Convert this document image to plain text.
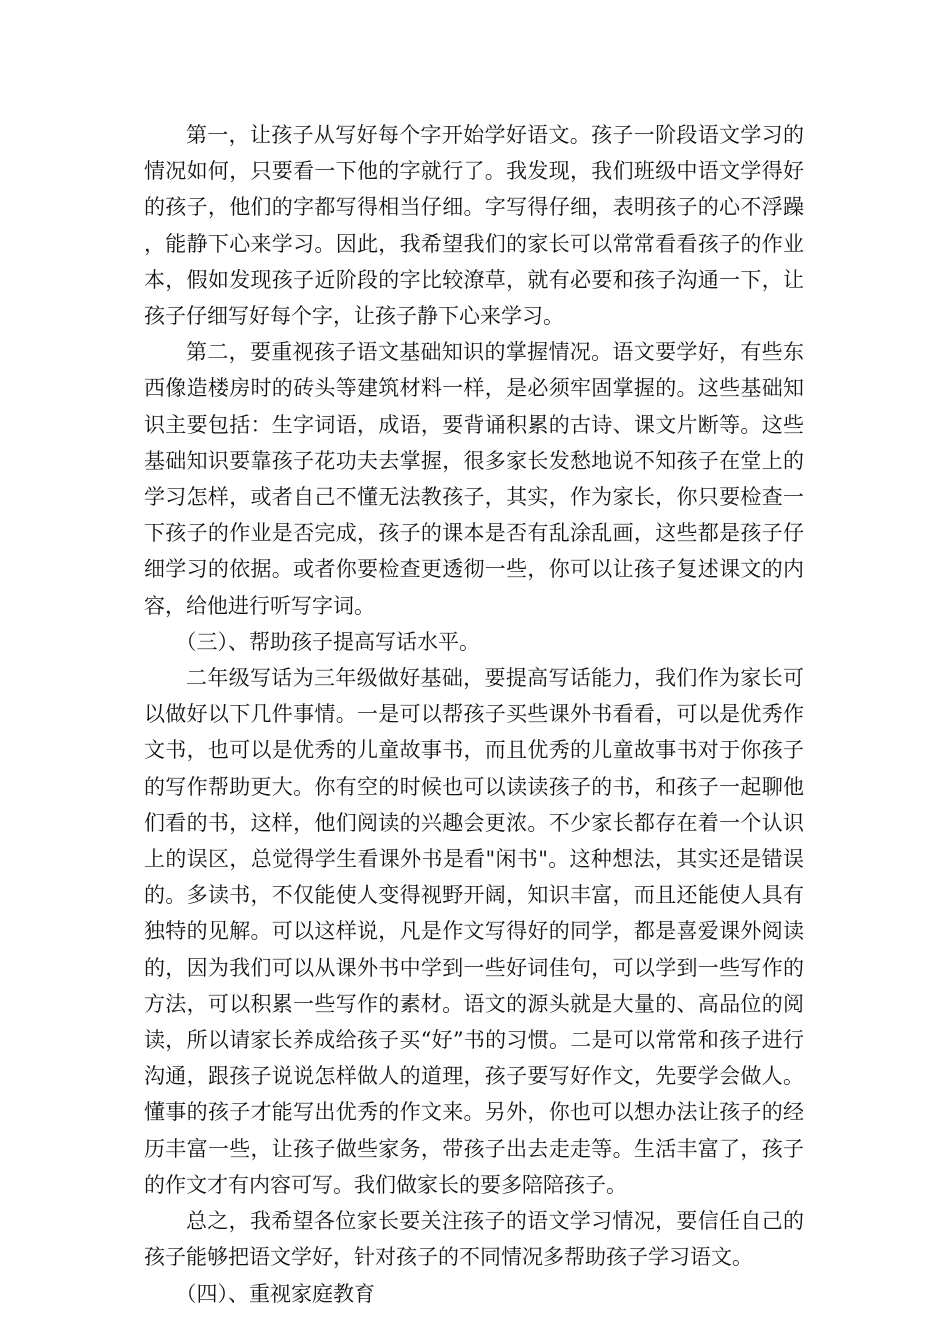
第一，让孩子从写好每个字开始学好语文。孩子一阶段语文学习的情况如何，只要看一下他的字就行了。我发现，我们班级中语文学得好的孩子，他们的字都写得相当仔细。字写得仔细，表明孩子的心不浮躁，能静下心来学习。因此，我希望我们的家长可以常常看看孩子的作业本，假如发现孩子近阶段的字比较潦草，就有必要和孩子沟通一下，让孩子仔细写好每个字，让孩子静下心来学习。

第二，要重视孩子语文基础知识的掌握情况。语文要学好，有些东西像造楼房时的砖头等建筑材料一样，是必须牢固掌握的。这些基础知识主要包括：生字词语，成语，要背诵积累的古诗、课文片断等。这些基础知识要靠孩子花功夫去掌握，很多家长发愁地说不知孩子在堂上的学习怎样，或者自己不懂无法教孩子，其实，作为家长，你只要检查一下孩子的作业是否完成，孩子的课本是否有乱涂乱画，这些都是孩子仔细学习的依据。或者你要检查更透彻一些，你可以让孩子复述课文的内容，给他进行听写字词。

（三）、帮助孩子提高写话水平。

二年级写话为三年级做好基础，要提高写话能力，我们作为家长可以做好以下几件事情。一是可以帮孩子买些课外书看看，可以是优秀作文书，也可以是优秀的儿童故事书，而且优秀的儿童故事书对于你孩子的写作帮助更大。你有空的时候也可以读读孩子的书，和孩子一起聊他们看的书，这样，他们阅读的兴趣会更浓。不少家长都存在着一个认识上的误区，总觉得学生看课外书是看"闲书"。这种想法，其实还是错误的。多读书，不仅能使人变得视野开阔，知识丰富，而且还能使人具有独特的见解。可以这样说，凡是作文写得好的同学，都是喜爱课外阅读的，因为我们可以从课外书中学到一些好词佳句，可以学到一些写作的方法，可以积累一些写作的素材。语文的源头就是大量的、高品位的阅读，所以请家长养成给孩子买“好”书的习惯。二是可以常常和孩子进行沟通，跟孩子说说怎样做人的道理，孩子要写好作文，先要学会做人。懂事的孩子才能写出优秀的作文来。另外，你也可以想办法让孩子的经历丰富一些，让孩子做些家务，带孩子出去走走等。生活丰富了，孩子的作文才有内容可写。我们做家长的要多陪陪孩子。

总之，我希望各位家长要关注孩子的语文学习情况，要信任自己的孩子能够把语文学好，针对孩子的不同情况多帮助孩子学习语文。

（四）、重视家庭教育
